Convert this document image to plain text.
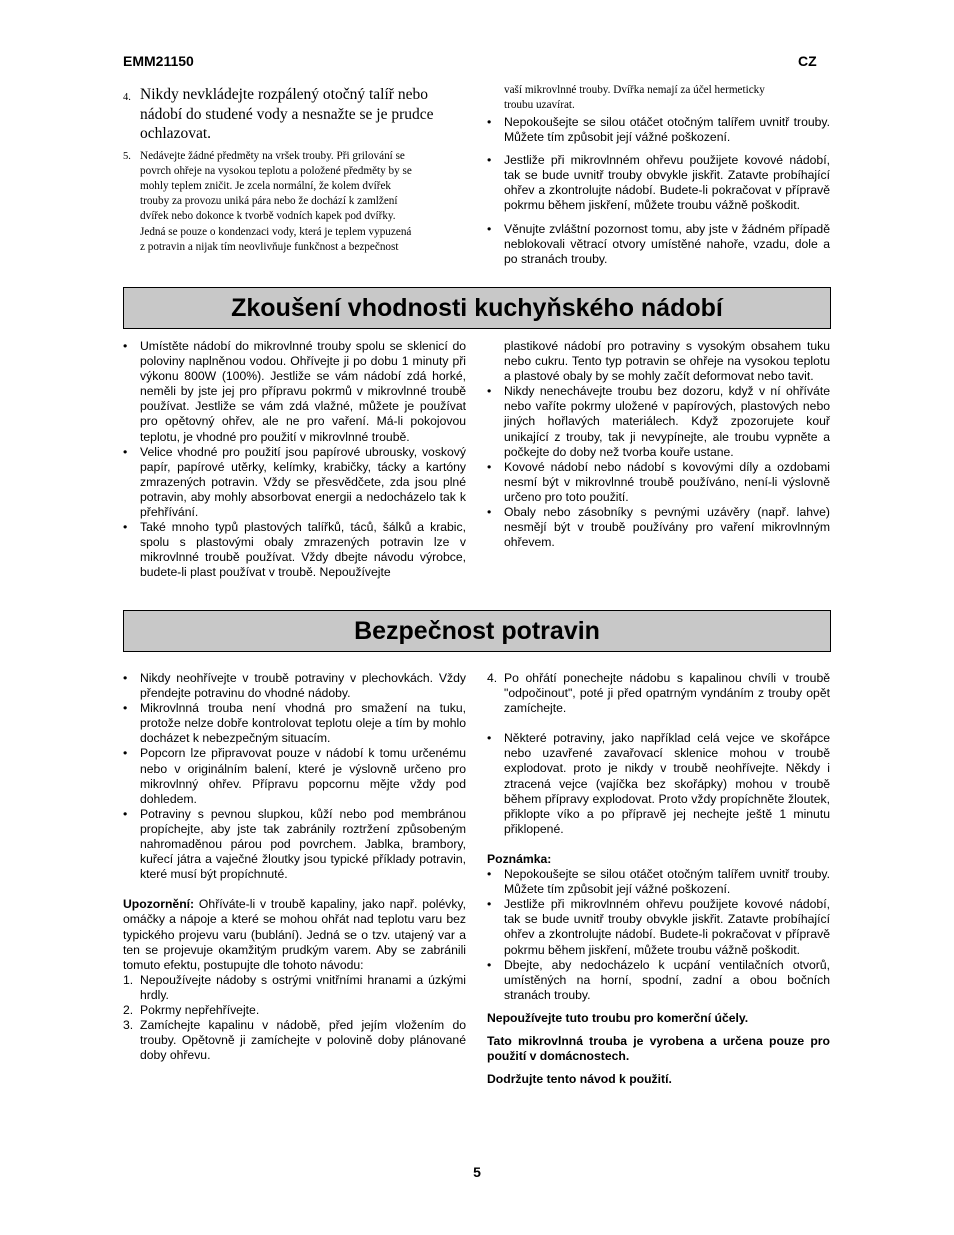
EMM21150	CZ
4. Nikdy nevkládejte rozpálený otočný talíř nebo nádobí do studené vody a nesnažte se je prudce ochlazovat.
5. Nedávejte žádné předměty na vršek trouby. Při grilování se
povrch ohřeje na vysokou teplotu a položené předměty by se
mohly teplem zničit. Je zcela normální, že kolem dvířek
trouby za provozu uniká pára nebo že dochází k zamlžení
dvířek nebo dokonce k tvorbě vodních kapek pod dvířky.
Jedná se pouze o kondenzaci vody, která je teplem vypuzená
z potravin a nijak tím neovlivňuje funkčnost a bezpečnost
vaší mikrovlnné trouby. Dvířka nemají za účel hermeticky
troubu uzavírat.
• Nepokoušejte se silou otáčet otočným talířem uvnitř trouby. Můžete tím způsobit její vážné poškození.
• Jestliže při mikrovlnném ohřevu použijete kovové nádobí, tak se bude uvnitř trouby obvykle jiskřit. Zatavte probíhající ohřev a zkontrolujte nádobí. Budete-li pokračovat v přípravě pokrmu během jiskření, můžete troubu vážně poškodit.
• Věnujte zvláštní pozornost tomu, aby jste v žádném případě neblokovali větrací otvory umístěné nahoře, vzadu, dole a po stranách trouby.
Zkoušení vhodnosti kuchyňského nádobí
• Umístěte nádobí do mikrovlnné trouby spolu se sklenicí do poloviny naplněnou vodou. Ohřívejte ji po dobu 1 minuty při výkonu 800W (100%). Jestliže se vám nádobí zdá horké, neměli by jste jej pro přípravu pokrmů v mikrovlnné troubě používat. Jestliže se vám zdá vlažné, můžete je používat pro opětovný ohřev, ale ne pro vaření. Má-li pokojovou teplotu, je vhodné pro použití v mikrovlnné troubě.
• Velice vhodné pro použití jsou papírové ubrousky, voskový papír, papírové utěrky, kelímky, krabičky, tácky a kartóny zmrazených potravin. Vždy se přesvědčete, zda jsou plné potravin, aby mohly absorbovat energii a nedocházelo tak k přehřívání.
• Také mnoho typů plastových talířků, táců, šálků a krabic, spolu s plastovými obaly zmrazených potravin lze v mikrovlnné troubě používat. Vždy dbejte návodu výrobce, budete-li plast používat v troubě. Nepoužívejte

plastikové nádobí pro potraviny s vysokým obsahem tuku nebo cukru. Tento typ potravin se ohřeje na vysokou teplotu a plastové obaly by se mohly začít deformovat nebo tavit.

• Nikdy nenechávejte troubu bez dozoru, když v ní ohříváte nebo vaříte pokrmy uložené v papírových, plastových nebo jiných hořlavých materiálech. Když zpozorujete kouř unikající z trouby, tak ji nevypínejte, ale troubu vypněte a počkejte do doby než tvorba kouře ustane.
• Kovové nádobí nebo nádobí s kovovými díly a ozdobami nesmí být v mikrovlnné troubě používáno, není-li výslovně určeno pro toto použití.
• Obaly nebo zásobníky s pevnými uzávěry (např. lahve) nesmějí být v troubě používány pro vaření mikrovlnným ohřevem.
Bezpečnost potravin
• Nikdy neohřívejte v troubě potraviny v plechovkách. Vždy přendejte potravinu do vhodné nádoby.
• Mikrovlnná trouba není vhodná pro smažení na tuku, protože nelze dobře kontrolovat teplotu oleje a tím by mohlo docházet k nebezpečným situacím.
• Popcorn lze připravovat pouze v nádobí k tomu určenému nebo v originálním balení, které je výslovně určeno pro mikrovlnný ohřev. Přípravu popcornu mějte vždy pod dohledem.
• Potraviny s pevnou slupkou, kůží nebo pod membránou propíchejte, aby jste tak zabránily roztržení způsobeným nahromaděnou párou pod povrchem. Jablka, brambory, kuřecí játra a vaječné žloutky jsou typické příklady potravin, které musí být propíchnuté.

Upozornění: Ohříváte-li v troubě kapaliny, jako např. polévky, omáčky a nápoje a které se mohou ohřát nad teplotu varu bez typického projevu varu (bublání). Jedná se o tzv. utajený var a ten se projevuje okamžitým prudkým varem. Aby se zabránili tomuto efektu, postupujte dle tohoto návodu:

1. Nepoužívejte nádoby s ostrými vnitřními hranami a úzkými hrdly.
2. Pokrmy nepřehřívejte.
3. Zamíchejte kapalinu v nádobě, před jejím vložením do trouby. Opětovně ji zamíchejte v polovině doby plánované doby ohřevu.
4. Po ohřátí ponechejte nádobu s kapalinou chvíli v troubě "odpočinout", poté ji před opatrným vyndáním z trouby opět zamíchejte.
• Některé potraviny, jako například celá vejce ve skořápce nebo uzavřené zavařovací sklenice mohou v troubě explodovat. proto je nikdy v troubě neohřívejte. Někdy i ztracená vejce (vajíčka bez skořápky) mohou v troubě během přípravy explodovat. Proto vždy propíchněte žloutek, přiklopte víko a po přípravě jej nechejte ještě 1 minutu přiklopené.

Poznámka:

• Nepokoušejte se silou otáčet otočným talířem uvnitř trouby. Můžete tím způsobit její vážné poškození.
• Jestliže při mikrovlnném ohřevu použijete kovové nádobí, tak se bude uvnitř trouby obvykle jiskřit. Zatavte probíhající ohřev a zkontrolujte nádobí. Budete-li pokračovat v přípravě pokrmu během jiskření, můžete troubu vážně poškodit.
• Dbejte, aby nedocházelo k ucpání ventilačních otvorů, umístěných na horní, spodní, zadní a obou bočních stranách trouby.

Nepoužívejte tuto troubu pro komerční účely.

Tato mikrovlnná trouba je vyrobena a určena pouze pro použití v domácnostech.

Dodržujte tento návod k použití.

5
